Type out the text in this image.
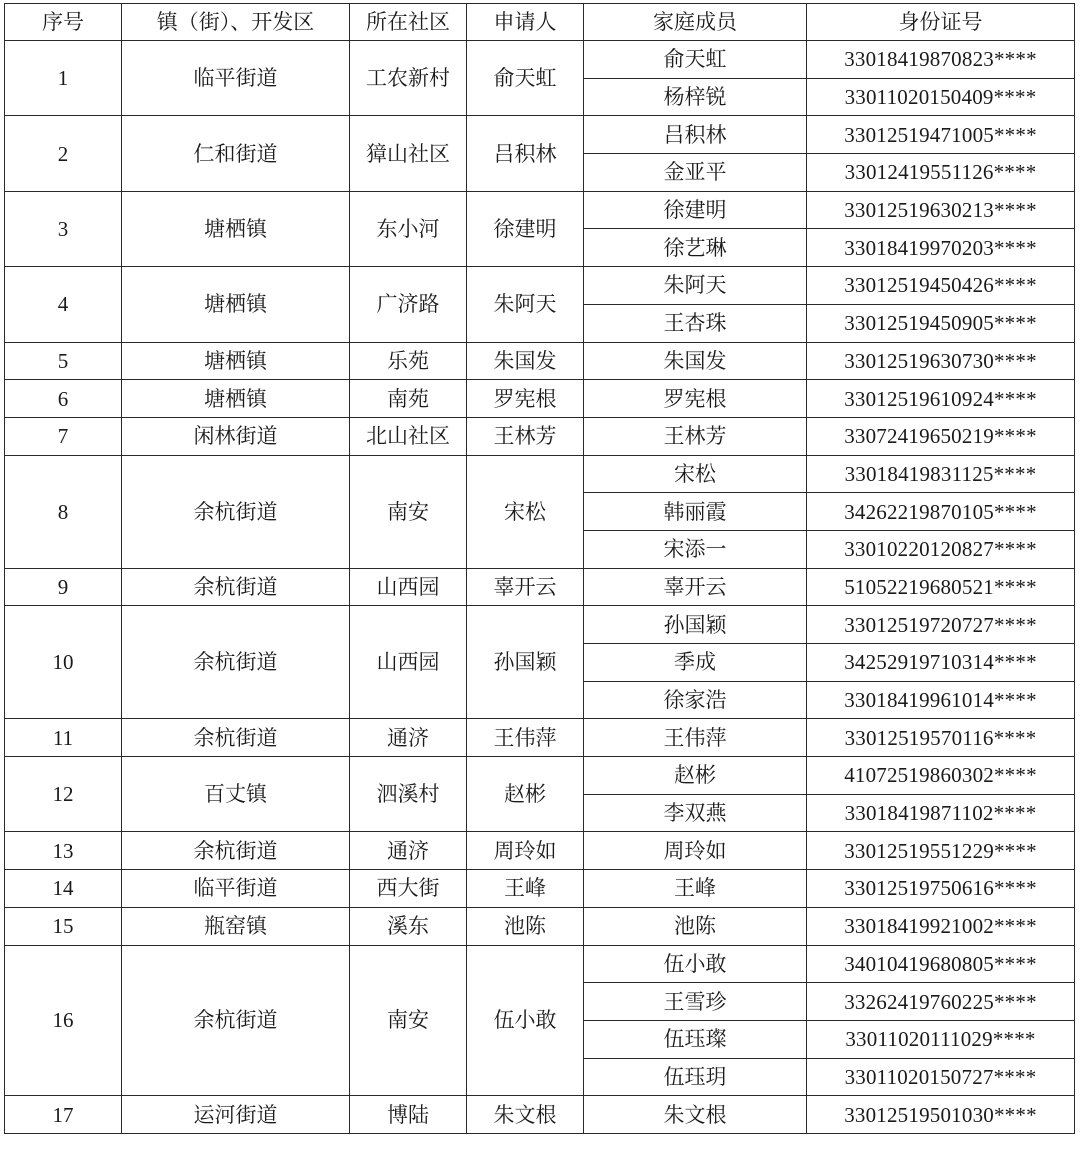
序号	镇（街）、开发区	所在社区	申请人	家庭成员	身份证号
1	临平街道	工农新村	俞天虹	俞天虹	33018419870823****
				杨梓锐	33011020150409****
2	仁和街道	獐山社区	吕积林	吕积林	33012519471005****
				金亚平	33012419551126****
3	塘栖镇	东小河	徐建明	徐建明	33012519630213****
				徐艺琳	33018419970203****
4	塘栖镇	广济路	朱阿天	朱阿天	33012519450426****
				王杏珠	33012519450905****
5	塘栖镇	乐苑	朱国发	朱国发	33012519630730****
6	塘栖镇	南苑	罗宪根	罗宪根	33012519610924****
7	闲林街道	北山社区	王林芳	王林芳	33072419650219****
8	余杭街道	南安	宋松	宋松	33018419831125****
				韩丽霞	34262219870105****
				宋添一	33010220120827****
9	余杭街道	山西园	辜开云	辜开云	51052219680521****
10	余杭街道	山西园	孙国颖	孙国颖	33012519720727****
				季成	34252919710314****
				徐家浩	33018419961014****
11	余杭街道	通济	王伟萍	王伟萍	33012519570116****
12	百丈镇	泗溪村	赵彬	赵彬	41072519860302****
				李双燕	33018419871102****
13	余杭街道	通济	周玲如	周玲如	33012519551229****
14	临平街道	西大街	王峰	王峰	33012519750616****
15	瓶窑镇	溪东	池陈	池陈	33018419921002****
16	余杭街道	南安	伍小敢	伍小敢	34010419680805****
				王雪珍	33262419760225****
				伍珏璨	33011020111029****
				伍珏玥	33011020150727****
17	运河街道	博陆	朱文根	朱文根	33012519501030****
